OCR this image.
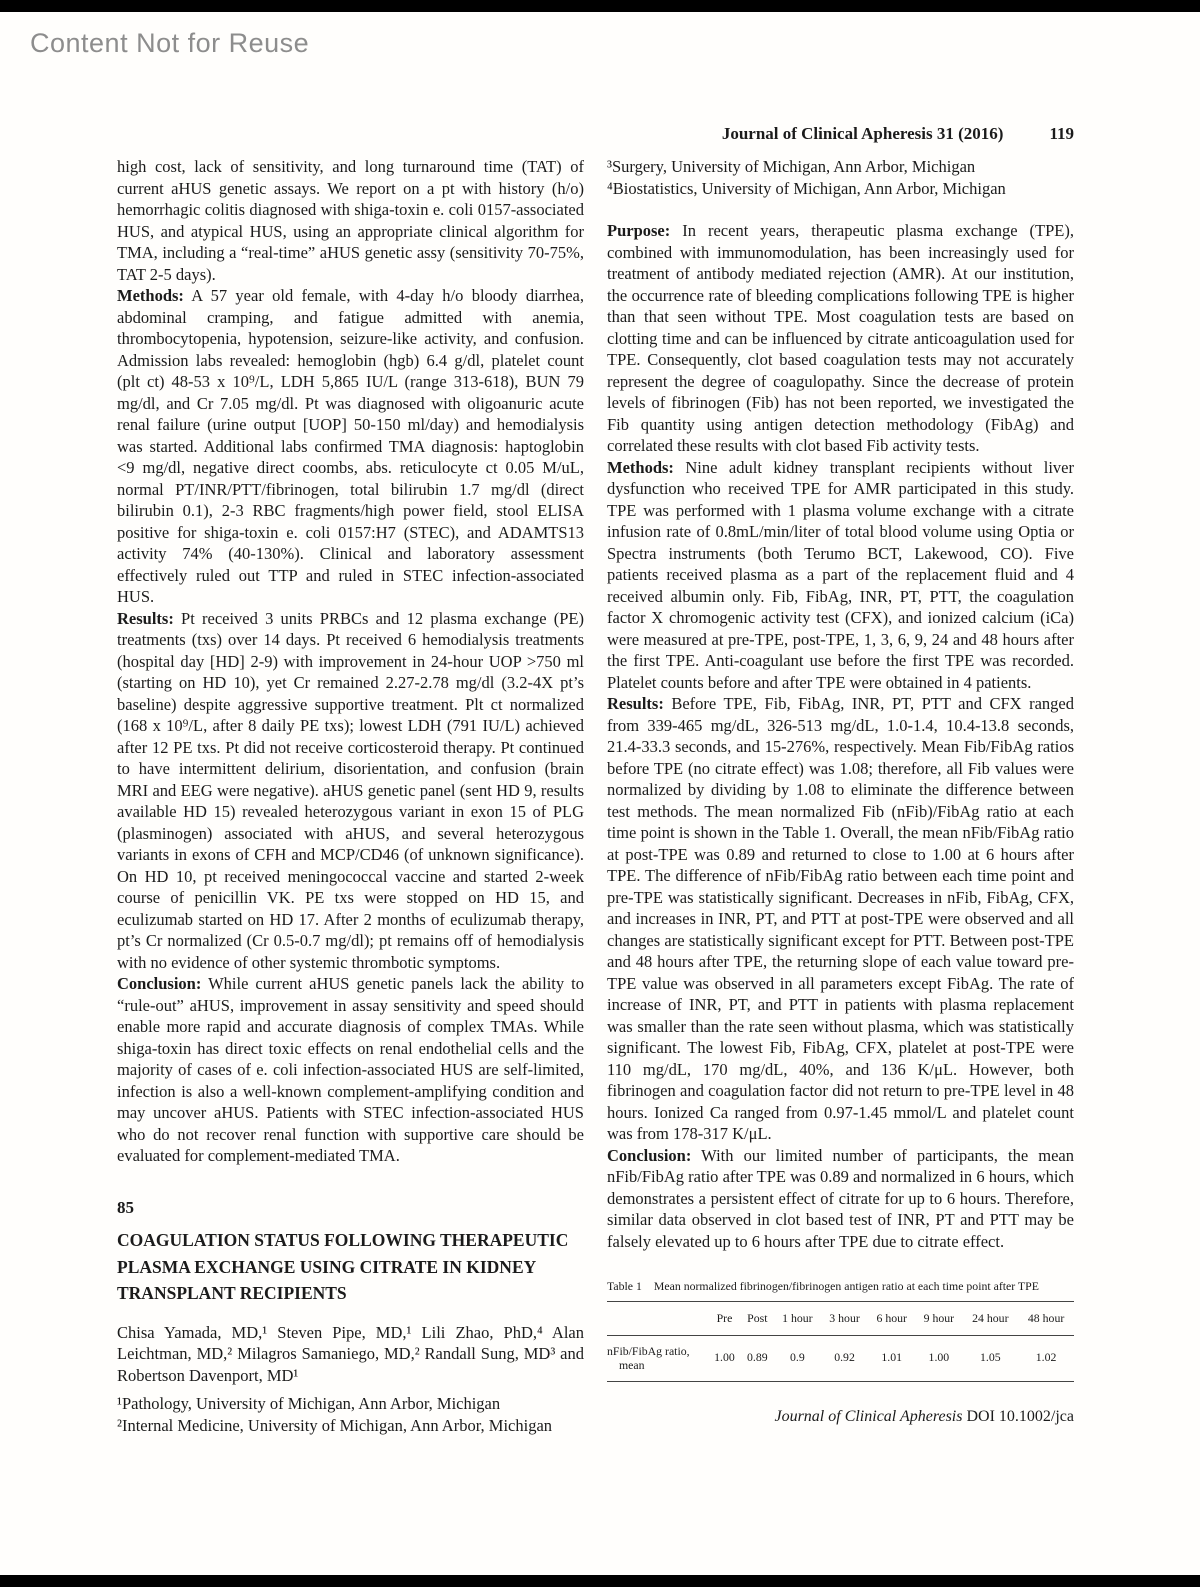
Content Not for Reuse
Journal of Clinical Apheresis 31 (2016)	119

high cost, lack of sensitivity, and long turnaround time (TAT) of current aHUS genetic assays. We report on a pt with history (h/o) hemorrhagic colitis diagnosed with shiga-toxin e. coli 0157-associated HUS, and atypical HUS, using an appropriate clinical algorithm for TMA, including a “real-time” aHUS genetic assy (sensitivity 70-75%, TAT 2-5 days).

Methods: A 57 year old female, with 4-day h/o bloody diarrhea, abdominal cramping, and fatigue admitted with anemia, thrombocytopenia, hypotension, seizure-like activity, and confusion. Admission labs revealed: hemoglobin (hgb) 6.4 g/dl, platelet count (plt ct) 48-53 x 10⁹/L, LDH 5,865 IU/L (range 313-618), BUN 79 mg/dl, and Cr 7.05 mg/dl. Pt was diagnosed with oligoanuric acute renal failure (urine output [UOP] 50-150 ml/day) and hemodialysis was started. Additional labs confirmed TMA diagnosis: haptoglobin <9 mg/dl, negative direct coombs, abs. reticulocyte ct 0.05 M/uL, normal PT/INR/PTT/fibrinogen, total bilirubin 1.7 mg/dl (direct bilirubin 0.1), 2-3 RBC fragments/high power field, stool ELISA positive for shiga-toxin e. coli 0157:H7 (STEC), and ADAMTS13 activity 74% (40-130%). Clinical and laboratory assessment effectively ruled out TTP and ruled in STEC infection-associated HUS.

Results: Pt received 3 units PRBCs and 12 plasma exchange (PE) treatments (txs) over 14 days. Pt received 6 hemodialysis treatments (hospital day [HD] 2-9) with improvement in 24-hour UOP >750 ml (starting on HD 10), yet Cr remained 2.27-2.78 mg/dl (3.2-4X pt’s baseline) despite aggressive supportive treatment. Plt ct normalized (168 x 10⁹/L, after 8 daily PE txs); lowest LDH (791 IU/L) achieved after 12 PE txs. Pt did not receive corticosteroid therapy. Pt continued to have intermittent delirium, disorientation, and confusion (brain MRI and EEG were negative). aHUS genetic panel (sent HD 9, results available HD 15) revealed heterozygous variant in exon 15 of PLG (plasminogen) associated with aHUS, and several heterozygous variants in exons of CFH and MCP/CD46 (of unknown significance). On HD 10, pt received meningococcal vaccine and started 2-week course of penicillin VK. PE txs were stopped on HD 15, and eculizumab started on HD 17. After 2 months of eculizumab therapy, pt’s Cr normalized (Cr 0.5-0.7 mg/dl); pt remains off of hemodialysis with no evidence of other systemic thrombotic symptoms.

Conclusion: While current aHUS genetic panels lack the ability to “rule-out” aHUS, improvement in assay sensitivity and speed should enable more rapid and accurate diagnosis of complex TMAs. While shiga-toxin has direct toxic effects on renal endothelial cells and the majority of cases of e. coli infection-associated HUS are self-limited, infection is also a well-known complement-amplifying condition and may uncover aHUS. Patients with STEC infection-associated HUS who do not recover renal function with supportive care should be evaluated for complement-mediated TMA.

85
COAGULATION STATUS FOLLOWING THERAPEUTIC PLASMA EXCHANGE USING CITRATE IN KIDNEY TRANSPLANT RECIPIENTS

Chisa Yamada, MD,¹ Steven Pipe, MD,¹ Lili Zhao, PhD,⁴ Alan Leichtman, MD,² Milagros Samaniego, MD,² Randall Sung, MD³ and Robertson Davenport, MD¹

¹Pathology, University of Michigan, Ann Arbor, Michigan
²Internal Medicine, University of Michigan, Ann Arbor, Michigan
³Surgery, University of Michigan, Ann Arbor, Michigan
⁴Biostatistics, University of Michigan, Ann Arbor, Michigan

Purpose: In recent years, therapeutic plasma exchange (TPE), combined with immunomodulation, has been increasingly used for treatment of antibody mediated rejection (AMR). At our institution, the occurrence rate of bleeding complications following TPE is higher than that seen without TPE. Most coagulation tests are based on clotting time and can be influenced by citrate anticoagulation used for TPE. Consequently, clot based coagulation tests may not accurately represent the degree of coagulopathy. Since the decrease of protein levels of fibrinogen (Fib) has not been reported, we investigated the Fib quantity using antigen detection methodology (FibAg) and correlated these results with clot based Fib activity tests.

Methods: Nine adult kidney transplant recipients without liver dysfunction who received TPE for AMR participated in this study. TPE was performed with 1 plasma volume exchange with a citrate infusion rate of 0.8mL/min/liter of total blood volume using Optia or Spectra instruments (both Terumo BCT, Lakewood, CO). Five patients received plasma as a part of the replacement fluid and 4 received albumin only. Fib, FibAg, INR, PT, PTT, the coagulation factor X chromogenic activity test (CFX), and ionized calcium (iCa) were measured at pre-TPE, post-TPE, 1, 3, 6, 9, 24 and 48 hours after the first TPE. Anti-coagulant use before the first TPE was recorded. Platelet counts before and after TPE were obtained in 4 patients.

Results: Before TPE, Fib, FibAg, INR, PT, PTT and CFX ranged from 339-465 mg/dL, 326-513 mg/dL, 1.0-1.4, 10.4-13.8 seconds, 21.4-33.3 seconds, and 15-276%, respectively. Mean Fib/FibAg ratios before TPE (no citrate effect) was 1.08; therefore, all Fib values were normalized by dividing by 1.08 to eliminate the difference between test methods. The mean normalized Fib (nFib)/FibAg ratio at each time point is shown in the Table 1. Overall, the mean nFib/FibAg ratio at post-TPE was 0.89 and returned to close to 1.00 at 6 hours after TPE. The difference of nFib/FibAg ratio between each time point and pre-TPE was statistically significant. Decreases in nFib, FibAg, CFX, and increases in INR, PT, and PTT at post-TPE were observed and all changes are statistically significant except for PTT. Between post-TPE and 48 hours after TPE, the returning slope of each value toward pre-TPE value was observed in all parameters except FibAg. The rate of increase of INR, PT, and PTT in patients with plasma replacement was smaller than the rate seen without plasma, which was statistically significant. The lowest Fib, FibAg, CFX, platelet at post-TPE were 110 mg/dL, 170 mg/dL, 40%, and 136 K/μL. However, both fibrinogen and coagulation factor did not return to pre-TPE level in 48 hours. Ionized Ca ranged from 0.97-1.45 mmol/L and platelet count was from 178-317 K/μL.

Conclusion: With our limited number of participants, the mean nFib/FibAg ratio after TPE was 0.89 and normalized in 6 hours, which demonstrates a persistent effect of citrate for up to 6 hours. Therefore, similar data observed in clot based test of INR, PT and PTT may be falsely elevated up to 6 hours after TPE due to citrate effect.

Table 1 Mean normalized fibrinogen/fibrinogen antigen ratio at each time point after TPE
	Pre	Post	1 hour	3 hour	6 hour	9 hour	24 hour	48 hour
nFib/FibAg ratio, mean	1.00	0.89	0.9	0.92	1.01	1.00	1.05	1.02
Journal of Clinical Apheresis DOI 10.1002/jca
